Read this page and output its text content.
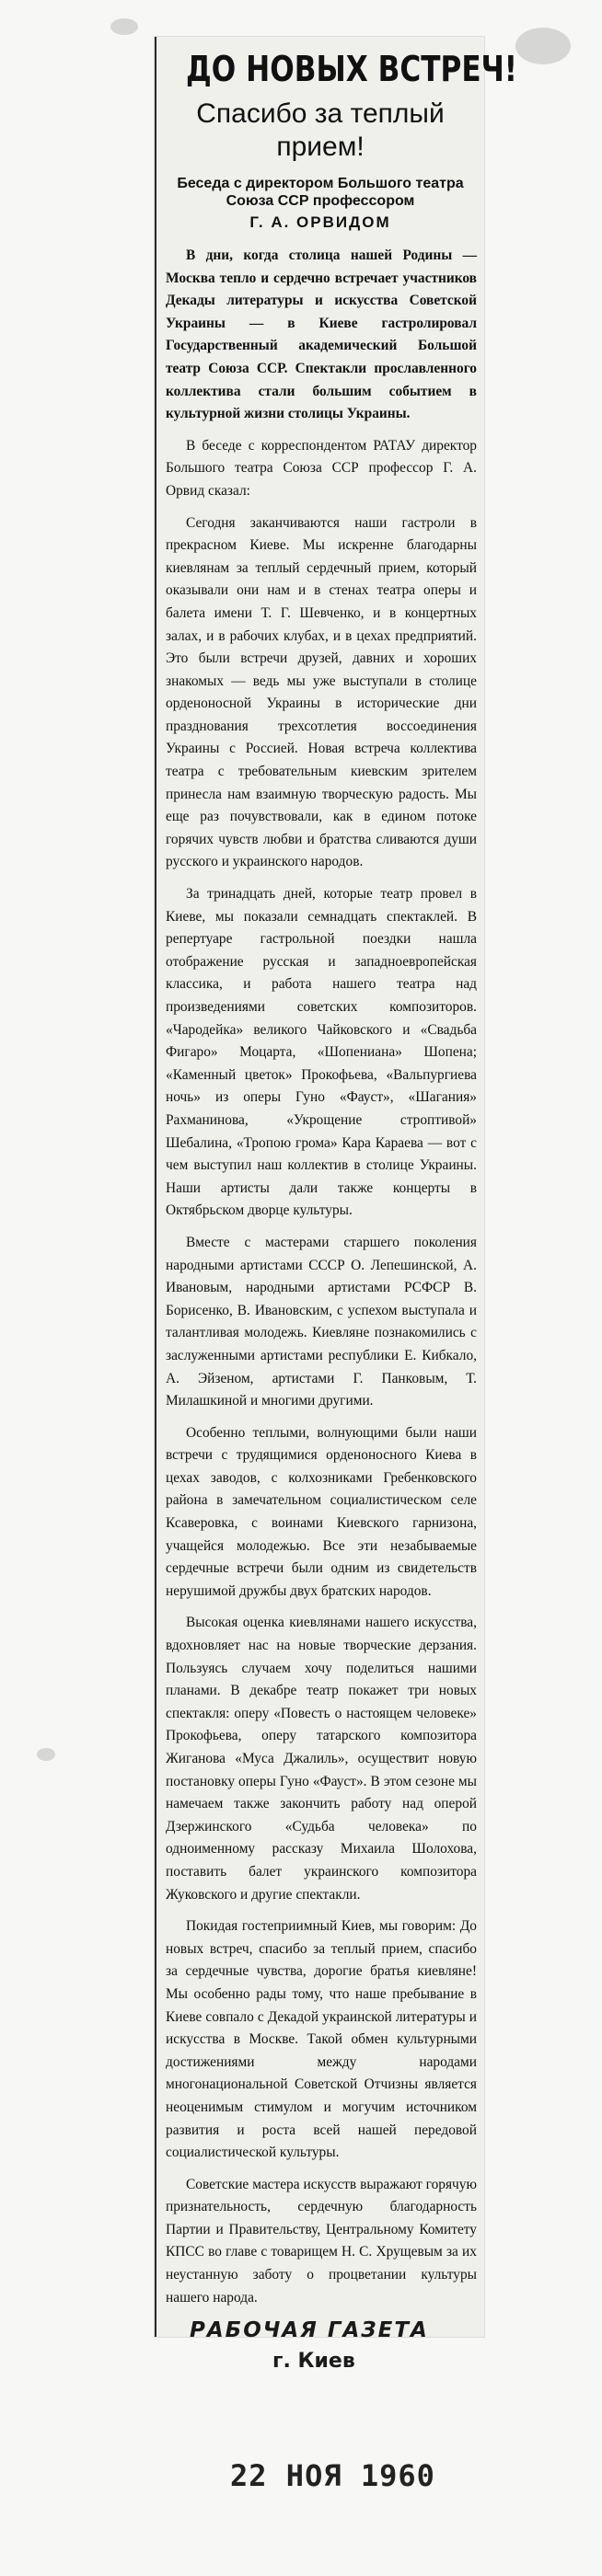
ДО НОВЫХ ВСТРЕЧ!
Спасибо за теплый прием!
Беседа с директором Большого театра Союза ССР профессором
Г. А. ОРВИДОМ

В дни, когда столица нашей Родины — Москва тепло и сердечно встречает участников Декады литературы и искусства Советской Украины — в Киеве гастролировал Государственный академический Большой театр Союза ССР. Спектакли прославленного коллектива стали большим событием в культурной жизни столицы Украины.

В беседе с корреспондентом РАТАУ директор Большого театра Союза ССР профессор Г. А. Орвид сказал:

Сегодня заканчиваются наши гастроли в прекрасном Киеве. Мы искренне благодарны киевлянам за теплый сердечный прием, который оказывали они нам и в стенах театра оперы и балета имени Т. Г. Шевченко, и в концертных залах, и в рабочих клубах, и в цехах предприятий. Это были встречи друзей, давних и хороших знакомых — ведь мы уже выступали в столице орденоносной Украины в исторические дни празднования трехсотлетия воссоединения Украины с Россией. Новая встреча коллектива театра с требовательным киевским зрителем принесла нам взаимную творческую радость. Мы еще раз почувствовали, как в едином потоке горячих чувств любви и братства сливаются души русского и украинского народов.

За тринадцать дней, которые театр провел в Киеве, мы показали семнадцать спектаклей. В репертуаре гастрольной поездки нашла отображение русская и западноевропейская классика, и работа нашего театра над произведениями советских композиторов. «Чародейка» великого Чайковского и «Свадьба Фигаро» Моцарта, «Шопениана» Шопена; «Каменный цветок» Прокофьева, «Вальпургиева ночь» из оперы Гуно «Фауст», «Шагания» Рахманинова, «Укрощение строптивой» Шебалина, «Тропою грома» Кара Караева — вот с чем выступил наш коллектив в столице Украины. Наши артисты дали также концерты в Октябрьском дворце культуры.

Вместе с мастерами старшего поколения народными артистами СССР О. Лепешинской, А. Ивановым, народными артистами РСФСР В. Борисенко, В. Ивановским, с успехом выступала и талантливая молодежь. Киевляне познакомились с заслуженными артистами республики Е. Кибкало, А. Эйзеном, артистами Г. Панковым, Т. Милашкиной и многими другими.

Особенно теплыми, волнующими были наши встречи с трудящимися орденоносного Киева в цехах заводов, с колхозниками Гребенковского района в замечательном социалистическом селе Ксаверовка, с воинами Киевского гарнизона, учащейся молодежью. Все эти незабываемые сердечные встречи были одним из свидетельств нерушимой дружбы двух братских народов.

Высокая оценка киевлянами нашего искусства, вдохновляет нас на новые творческие дерзания. Пользуясь случаем хочу поделиться нашими планами. В декабре театр покажет три новых спектакля: оперу «Повесть о настоящем человеке» Прокофьева, оперу татарского композитора Жиганова «Муса Джалиль», осуществит новую постановку оперы Гуно «Фауст». В этом сезоне мы намечаем также закончить работу над оперой Дзержинского «Судьба человека» по одноименному рассказу Михаила Шолохова, поставить балет украинского композитора Жуковского и другие спектакли.

Покидая гостеприимный Киев, мы говорим: До новых встреч, спасибо за теплый прием, спасибо за сердечные чувства, дорогие братья киевляне! Мы особенно рады тому, что наше пребывание в Киеве совпало с Декадой украинской литературы и искусства в Москве. Такой обмен культурными достижениями между народами многонациональной Советской Отчизны является неоценимым стимулом и могучим источником развития и роста всей нашей передовой социалистической культуры.

Советские мастера искусств выражают горячую признательность, сердечную благодарность Партии и Правительству, Центральному Комитету КПСС во главе с товарищем Н. С. Хрущевым за их неустанную заботу о процветании культуры нашего народа.

РАБОЧАЯ ГАЗЕТА
г. Киев
22 НОЯ 1960
